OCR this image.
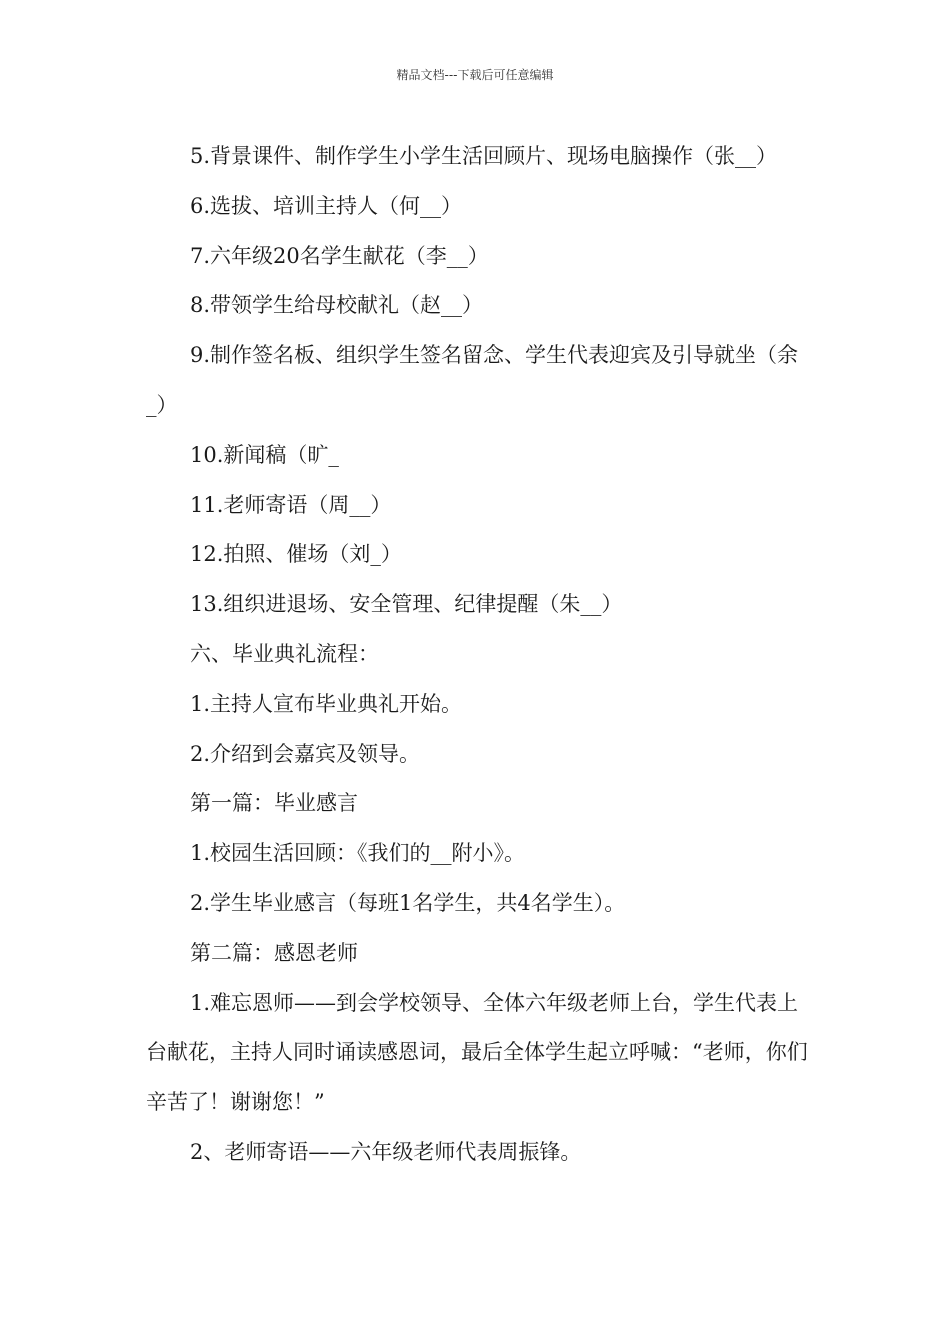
精品文档---下载后可任意编辑

5.背景课件、制作学生小学生活回顾片、现场电脑操作（张__）

6.选拔、培训主持人（何__）

7.六年级20名学生献花（李__）

8.带领学生给母校献礼（赵__）

9.制作签名板、组织学生签名留念、学生代表迎宾及引导就坐（余_）

10.新闻稿（旷_

11.老师寄语（周__）

12.拍照、催场（刘_）

13.组织进退场、安全管理、纪律提醒（朱__）

六、毕业典礼流程：

1.主持人宣布毕业典礼开始。

2.介绍到会嘉宾及领导。

第一篇：毕业感言

1.校园生活回顾：《我们的__附小》。

2.学生毕业感言（每班1名学生，共4名学生）。

第二篇：感恩老师

1.难忘恩师——到会学校领导、全体六年级老师上台，学生代表上台献花，主持人同时诵读感恩词，最后全体学生起立呼喊：“老师，你们辛苦了！谢谢您！”

2、老师寄语——六年级老师代表周振锋。
